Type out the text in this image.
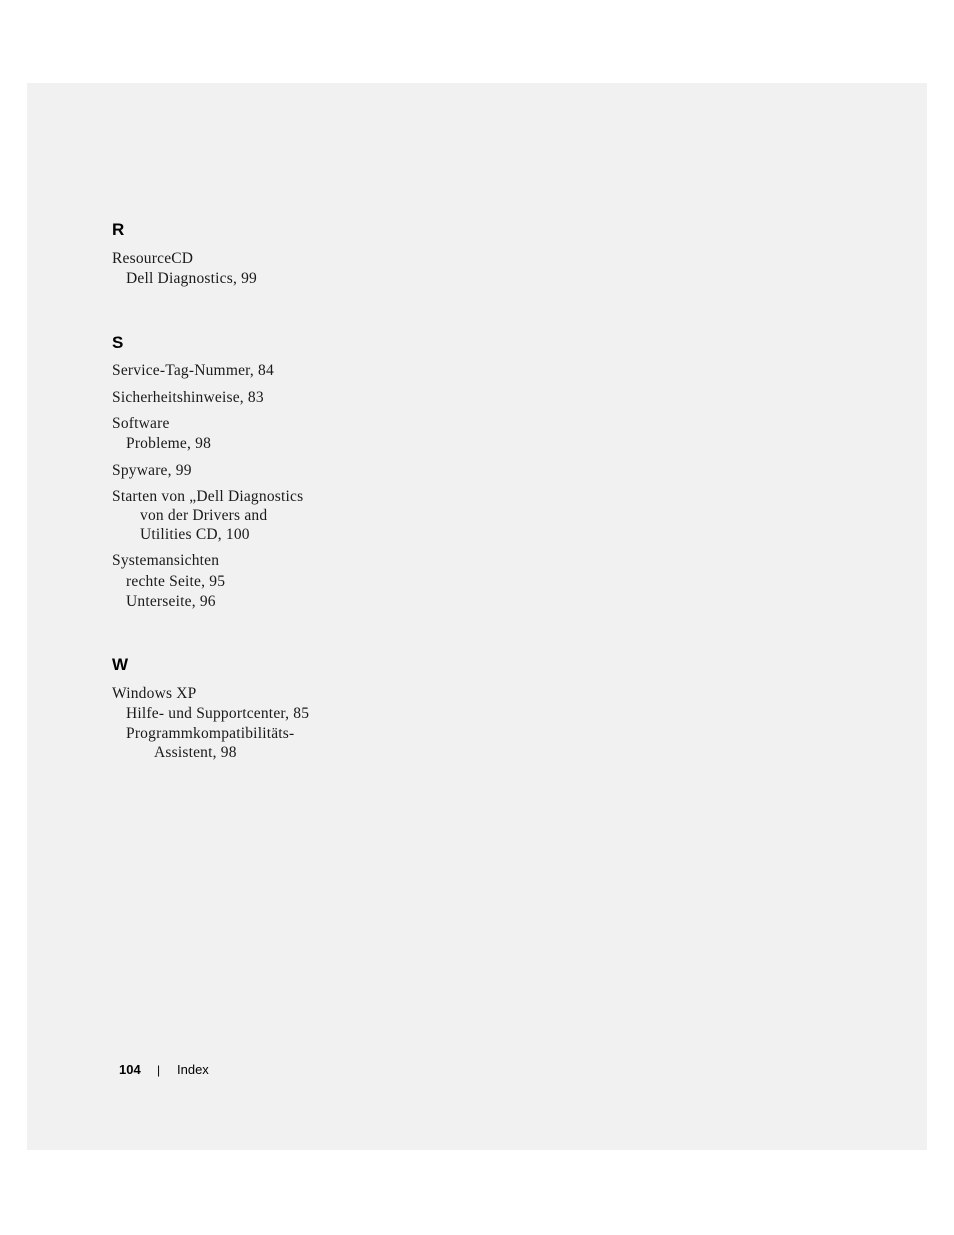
R
ResourceCD
Dell Diagnostics, 99
S
Service-Tag-Nummer, 84
Sicherheitshinweise, 83
Software
Probleme, 98
Spyware, 99
Starten von „Dell Diagnostics
von der Drivers and
Utilities CD, 100
Systemansichten
rechte Seite, 95
Unterseite, 96
W
Windows XP
Hilfe- und Supportcenter, 85
Programmkompatibilitäts-
Assistent, 98
104 | Index
